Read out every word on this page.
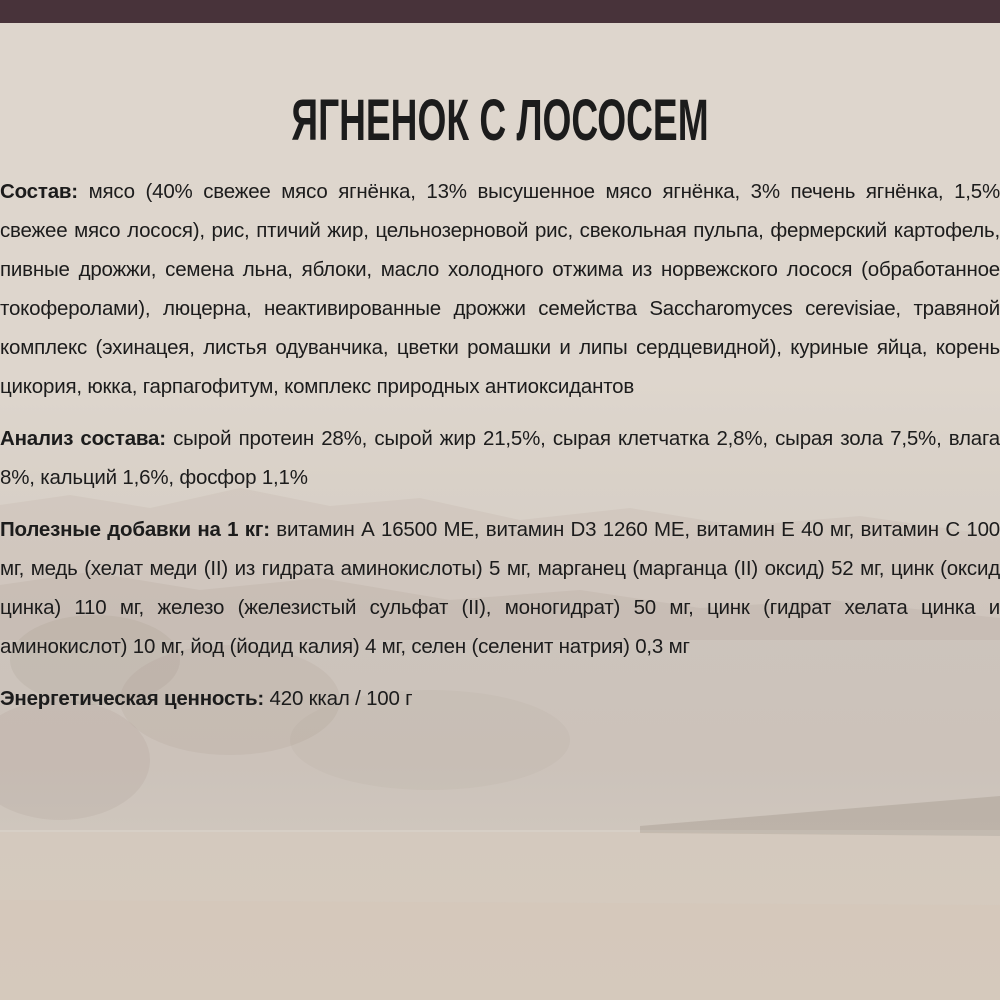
ЯГНЕНОК С ЛОСОСЕМ

Состав: мясо (40% свежее мясо ягнёнка, 13% высушенное мясо ягнёнка, 3% печень ягнёнка, 1,5% свежее мясо лосося), рис, птичий жир, цельнозерновой рис, свекольная пульпа, фермерский картофель, пивные дрожжи, семена льна, яблоки, масло холодного отжима из норвежского лосося (обработанное токоферолами), люцерна, неактивированные дрожжи семейства Saccharomyces cerevisiae, травяной комплекс (эхинацея, листья одуванчика, цветки ромашки и липы сердцевидной), куриные яйца, корень цикория, юкка, гарпагофитум, комплекс природных антиоксидантов

Анализ состава: сырой протеин 28%, сырой жир 21,5%, сырая клетчатка 2,8%, сырая зола 7,5%, влага 8%, кальций 1,6%, фосфор 1,1%

Полезные добавки на 1 кг: витамин А 16500 МЕ, витамин D3 1260 МЕ, витамин Е 40 мг, витамин С 100 мг, медь (хелат меди (II) из гидрата аминокислоты) 5 мг, марганец (марганца (II) оксид) 52 мг, цинк (оксид цинка) 110 мг, железо (железистый сульфат (II), моногидрат) 50 мг, цинк (гидрат хелата цинка и аминокислот) 10 мг, йод (йодид калия) 4 мг, селен (селенит натрия) 0,3 мг

Энергетическая ценность: 420 ккал / 100 г
